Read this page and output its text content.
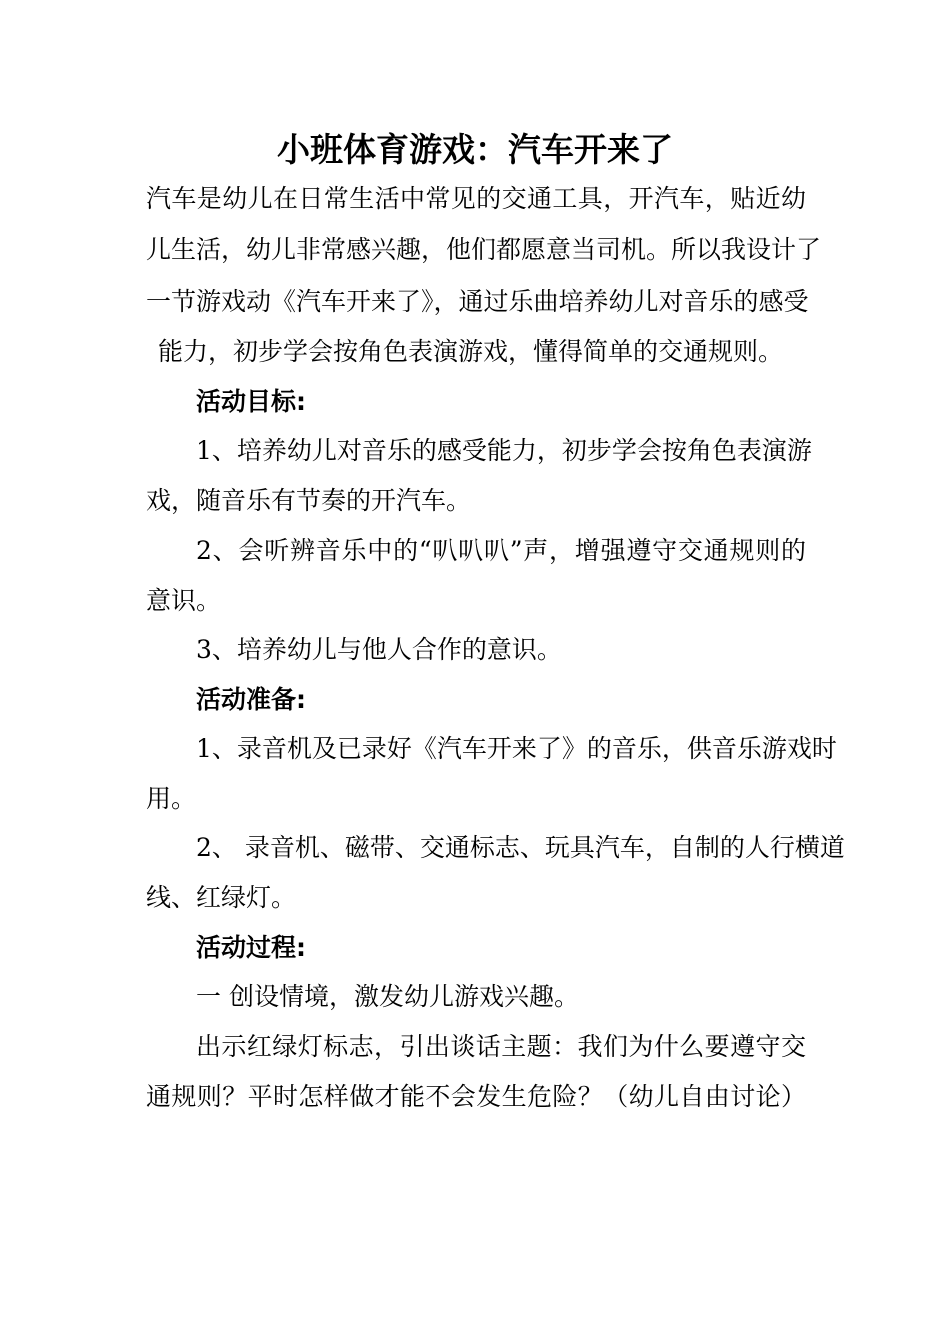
小班体育游戏：汽车开来了
汽车是幼儿在日常生活中常见的交通工具，开汽车，贴近幼
儿生活，幼儿非常感兴趣，他们都愿意当司机。所以我设计了
一节游戏动《汽车开来了》，通过乐曲培养幼儿对音乐的感受
能力，初步学会按角色表演游戏，懂得简单的交通规则。
活动目标:
1、培养幼儿对音乐的感受能力，初步学会按角色表演游
戏，随音乐有节奏的开汽车。
2、会听辨音乐中的“叭叭叭”声，增强遵守交通规则的
意识。
3、培养幼儿与他人合作的意识。
活动准备:
1、录音机及已录好《汽车开来了》的音乐，供音乐游戏时
用。
2、 录音机、磁带、交通标志、玩具汽车，自制的人行横道
线、红绿灯。
活动过程:
一 创设情境，激发幼儿游戏兴趣。
出示红绿灯标志，引出谈话主题：我们为什么要遵守交
通规则？平时怎样做才能不会发生危险？（幼儿自由讨论）
